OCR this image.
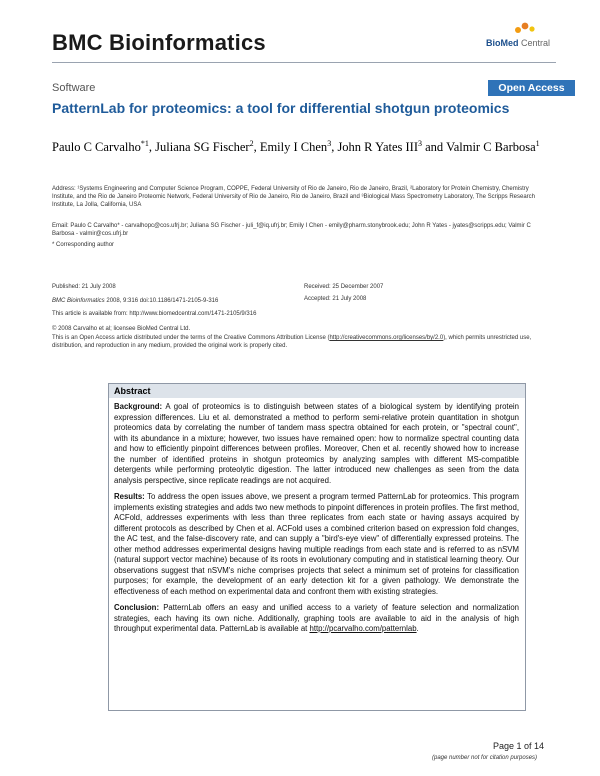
BMC Bioinformatics	BioMed Central
Software	Open Access
PatternLab for proteomics: a tool for differential shotgun proteomics
Paulo C Carvalho$^{*1}$, Juliana SG Fischer$^2$, Emily I Chen$^3$, John R Yates III$^3$ and Valmir C Barbosa$^1$
Address: ¹Systems Engineering and Computer Science Program, COPPE, Federal University of Rio de Janeiro, Rio de Janeiro, Brazil, ²Laboratory for Protein Chemistry, Chemistry Institute, and the Rio de Janeiro Proteomic Network, Federal University of Rio de Janeiro, Rio de Janeiro, Brazil and ³Biological Mass Spectrometry Laboratory, The Scripps Research Institute, La Jolla, California, USA
Email: Paulo C Carvalho* - carvalhopc@cos.ufrj.br; Juliana SG Fischer - juli_f@iq.ufrj.br; Emily I Chen - emily@pharm.stonybrook.edu; John R Yates - jyates@scripps.edu; Valmir C Barbosa - valmir@cos.ufrj.br
* Corresponding author
Published: 21 July 2008	Received: 25 December 2007
BMC Bioinformatics 2008, 9:316 doi:10.1186/1471-2105-9-316	Accepted: 21 July 2008
This article is available from: http://www.biomedcentral.com/1471-2105/9/316
© 2008 Carvalho et al; licensee BioMed Central Ltd.
This is an Open Access article distributed under the terms of the Creative Commons Attribution License (http://creativecommons.org/licenses/by/2.0), which permits unrestricted use, distribution, and reproduction in any medium, provided the original work is properly cited.
Abstract

Background: A goal of proteomics is to distinguish between states of a biological system by identifying protein expression differences. Liu et al. demonstrated a method to perform semi-relative protein quantitation in shotgun proteomics data by correlating the number of tandem mass spectra obtained for each protein, or "spectral count", with its abundance in a mixture; however, two issues have remained open: how to normalize spectral counting data and how to efficiently pinpoint differences between profiles. Moreover, Chen et al. recently showed how to increase the number of identified proteins in shotgun proteomics by analyzing samples with different MS-compatible detergents while performing proteolytic digestion. The latter introduced new challenges as seen from the data analysis perspective, since replicate readings are not acquired.

Results: To address the open issues above, we present a program termed PatternLab for proteomics. This program implements existing strategies and adds two new methods to pinpoint differences in protein profiles. The first method, ACFold, addresses experiments with less than three replicates from each state or having assays acquired by different protocols as described by Chen et al. ACFold uses a combined criterion based on expression fold changes, the AC test, and the false-discovery rate, and can supply a "bird's-eye view" of differentially expressed proteins. The other method addresses experimental designs having multiple readings from each state and is referred to as nSVM (natural support vector machine) because of its roots in evolutionary computing and in statistical learning theory. Our observations suggest that nSVM's niche comprises projects that select a minimum set of proteins for classification purposes; for example, the development of an early detection kit for a given pathology. We demonstrate the effectiveness of each method on experimental data and confront them with existing strategies.

Conclusion: PatternLab offers an easy and unified access to a variety of feature selection and normalization strategies, each having its own niche. Additionally, graphing tools are available to aid in the analysis of high throughput experimental data. PatternLab is available at http://pcarvalho.com/patternlab.

Page 1 of 14
(page number not for citation purposes)
